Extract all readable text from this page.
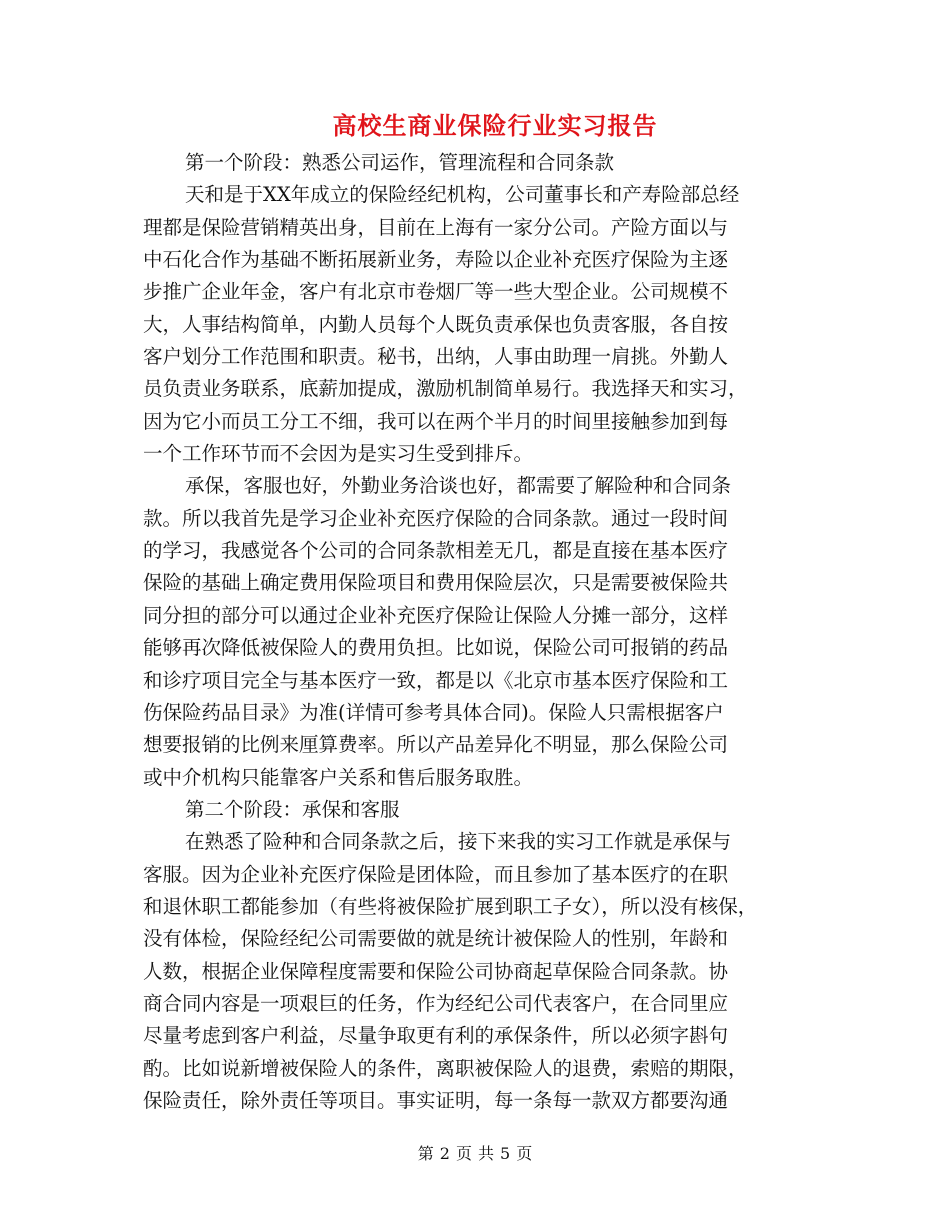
高校生商业保险行业实习报告
第一个阶段：熟悉公司运作，管理流程和合同条款
天和是于XX年成立的保险经纪机构，公司董事长和产寿险部总经
理都是保险营销精英出身，目前在上海有一家分公司。产险方面以与
中石化合作为基础不断拓展新业务，寿险以企业补充医疗保险为主逐
步推广企业年金，客户有北京市卷烟厂等一些大型企业。公司规模不
大，人事结构简单，内勤人员每个人既负责承保也负责客服，各自按
客户划分工作范围和职责。秘书，出纳，人事由助理一肩挑。外勤人
员负责业务联系，底薪加提成，激励机制简单易行。我选择天和实习，
因为它小而员工分工不细，我可以在两个半月的时间里接触参加到每
一个工作环节而不会因为是实习生受到排斥。
承保，客服也好，外勤业务洽谈也好，都需要了解险种和合同条
款。所以我首先是学习企业补充医疗保险的合同条款。通过一段时间
的学习，我感觉各个公司的合同条款相差无几，都是直接在基本医疗
保险的基础上确定费用保险项目和费用保险层次，只是需要被保险共
同分担的部分可以通过企业补充医疗保险让保险人分摊一部分，这样
能够再次降低被保险人的费用负担。比如说，保险公司可报销的药品
和诊疗项目完全与基本医疗一致，都是以《北京市基本医疗保险和工
伤保险药品目录》为准(详情可参考具体合同)。保险人只需根据客户
想要报销的比例来厘算费率。所以产品差异化不明显，那么保险公司
或中介机构只能靠客户关系和售后服务取胜。
第二个阶段：承保和客服
在熟悉了险种和合同条款之后，接下来我的实习工作就是承保与
客服。因为企业补充医疗保险是团体险，而且参加了基本医疗的在职
和退休职工都能参加（有些将被保险扩展到职工子女），所以没有核保，
没有体检，保险经纪公司需要做的就是统计被保险人的性别，年龄和
人数，根据企业保障程度需要和保险公司协商起草保险合同条款。协
商合同内容是一项艰巨的任务，作为经纪公司代表客户，在合同里应
尽量考虑到客户利益，尽量争取更有利的承保条件，所以必须字斟句
酌。比如说新增被保险人的条件，离职被保险人的退费，索赔的期限，
保险责任，除外责任等项目。事实证明，每一条每一款双方都要沟通
第 2 页 共 5 页
